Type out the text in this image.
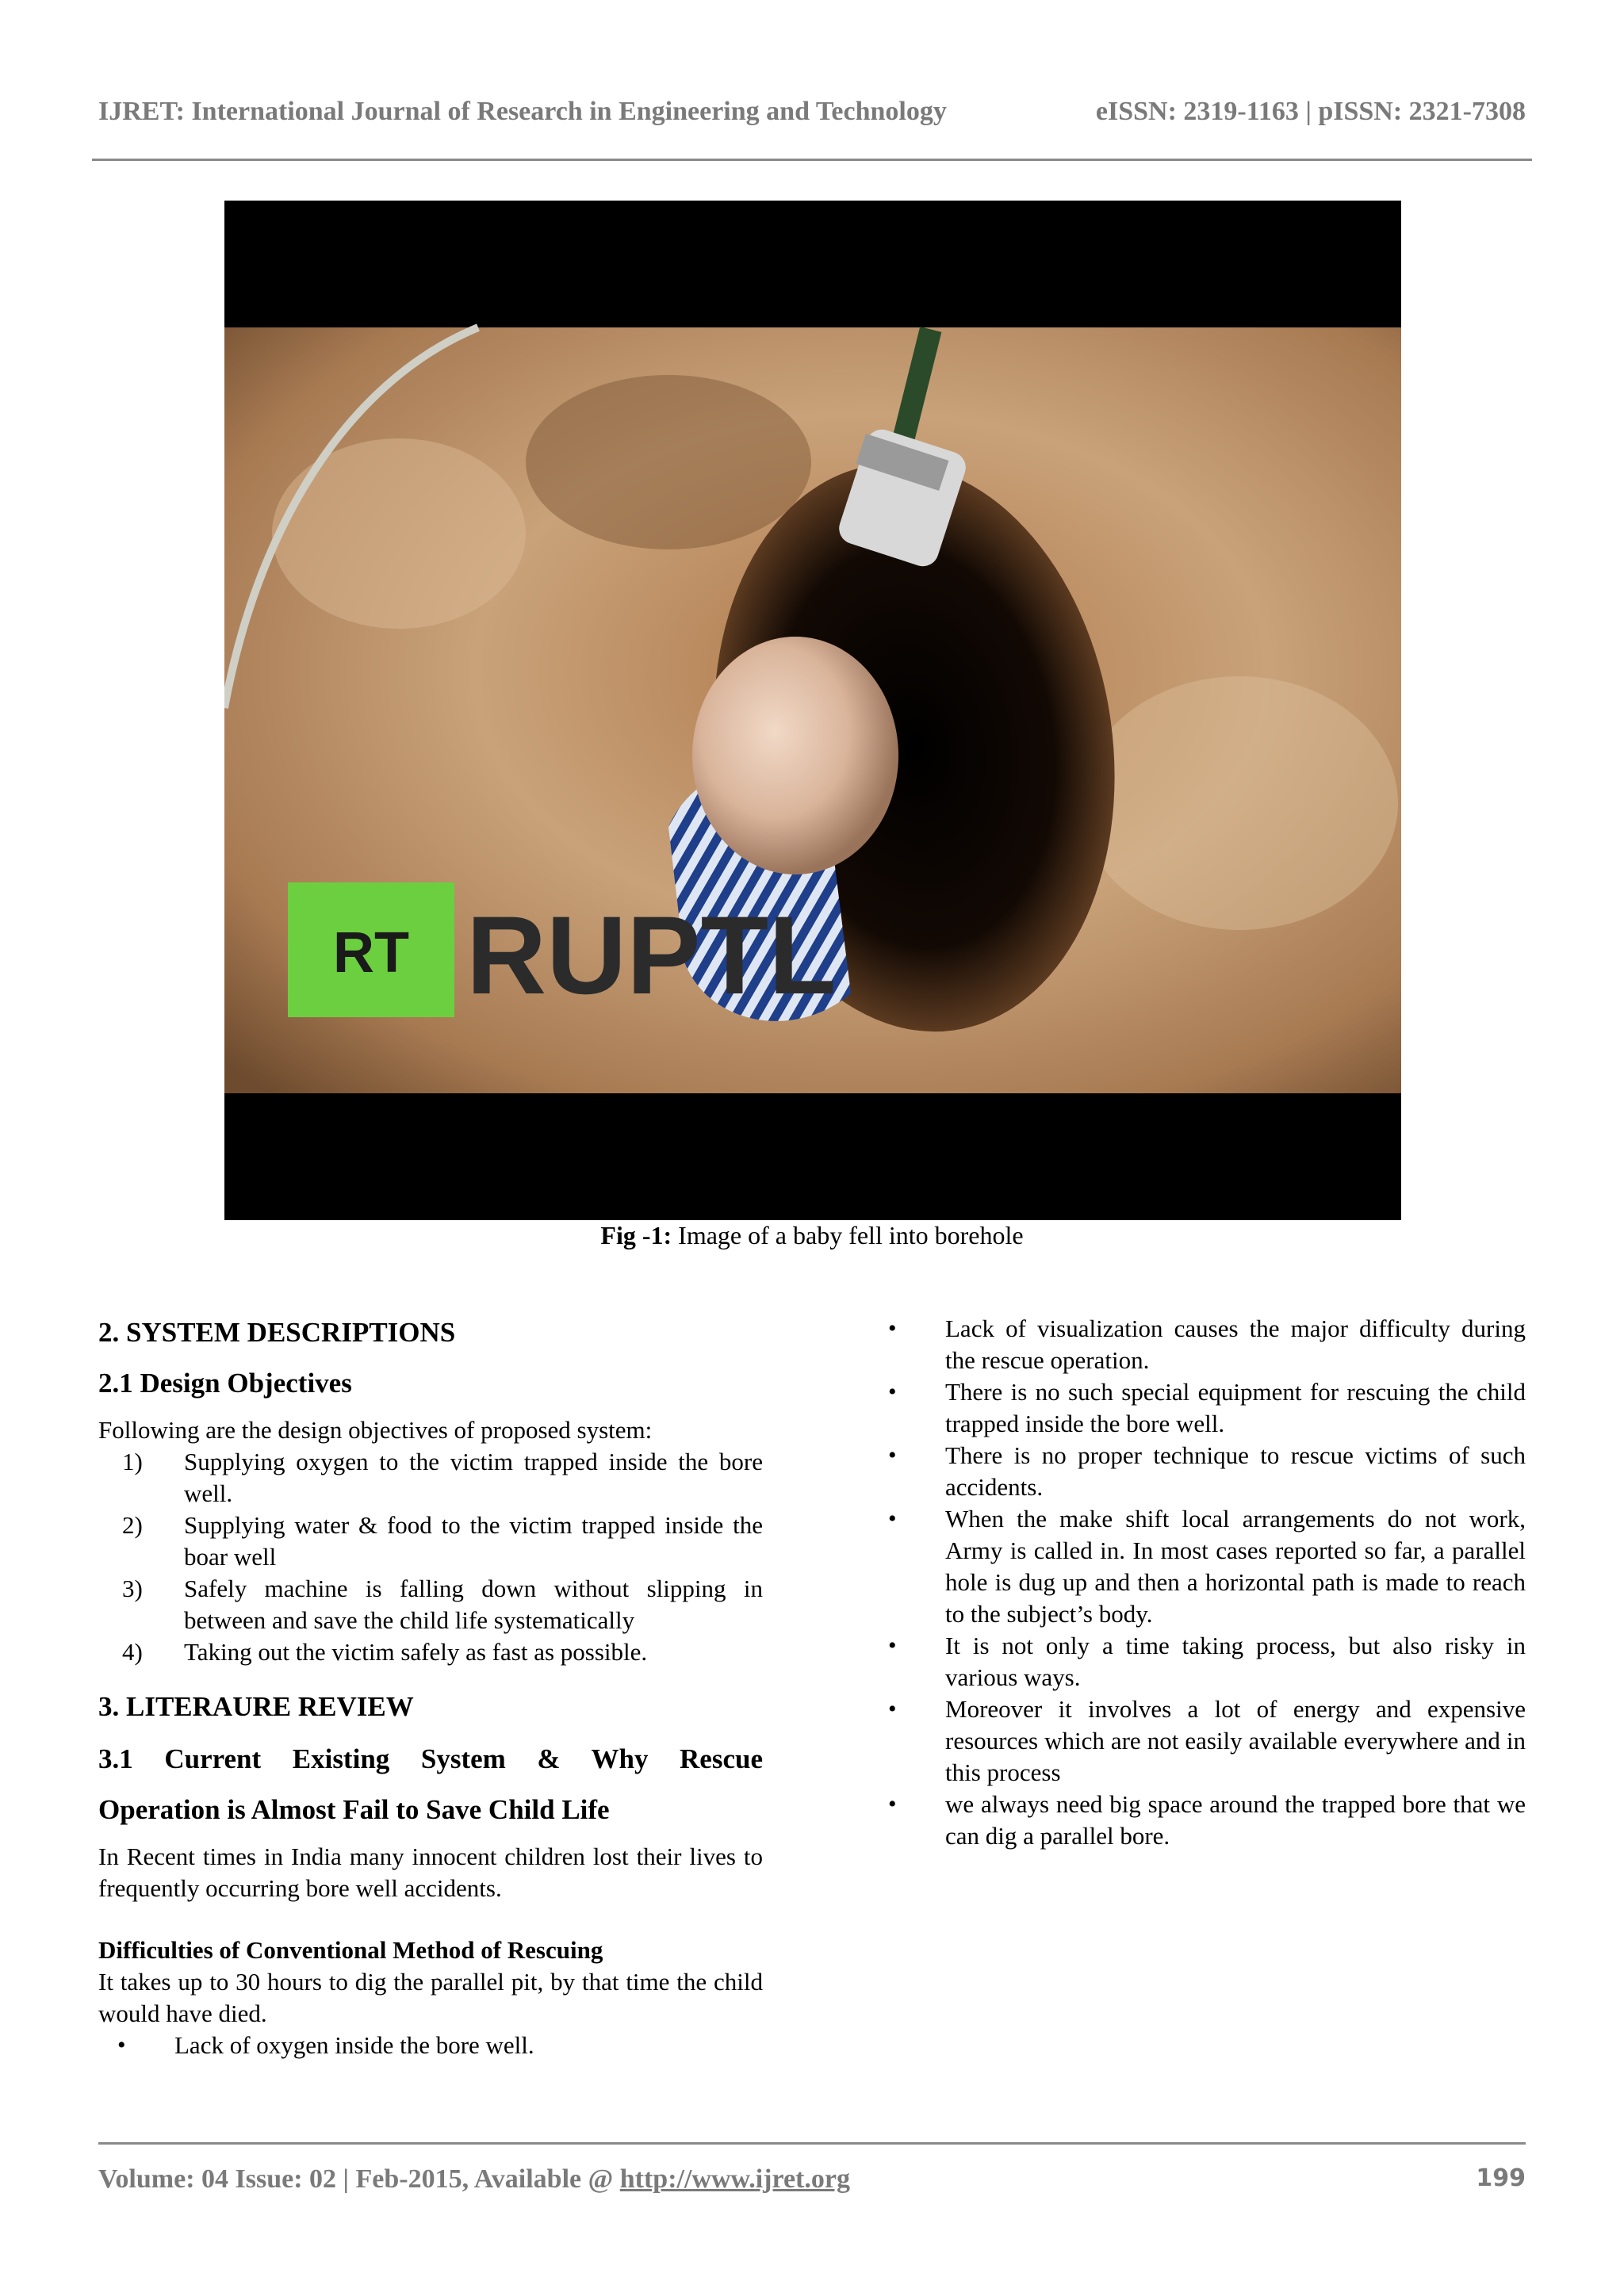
IJRET: International Journal of Research in Engineering and Technology	eISSN: 2319-1163 | pISSN: 2321-7308
RT RUPTL
Fig -1: Image of a baby fell into borehole
2. SYSTEM DESCRIPTIONS
2.1 Design Objectives

Following are the design objectives of proposed system:

1) Supplying oxygen to the victim trapped inside the bore well.
2) Supplying water & food to the victim trapped inside the boar well
3) Safely machine is falling down without slipping in between and save the child life systematically
4) Taking out the victim safely as fast as possible.
3. LITERAURE REVIEW
3.1 Current Existing System & Why Rescue
Operation is Almost Fail to Save Child Life

In Recent times in India many innocent children lost their lives to frequently occurring bore well accidents.

Difficulties of Conventional Method of Rescuing

It takes up to 30 hours to dig the parallel pit, by that time the child would have died.

• Lack of oxygen inside the bore well.
• Lack of visualization causes the major difficulty during the rescue operation.
• There is no such special equipment for rescuing the child trapped inside the bore well.
• There is no proper technique to rescue victims of such accidents.
• When the make shift local arrangements do not work, Army is called in. In most cases reported so far, a parallel hole is dug up and then a horizontal path is made to reach to the subject’s body.
• It is not only a time taking process, but also risky in various ways.
• Moreover it involves a lot of energy and expensive resources which are not easily available everywhere and in this process
• we always need big space around the trapped bore that we can dig a parallel bore.
Volume: 04 Issue: 02 | Feb-2015, Available @ http://www.ijret.org	199
